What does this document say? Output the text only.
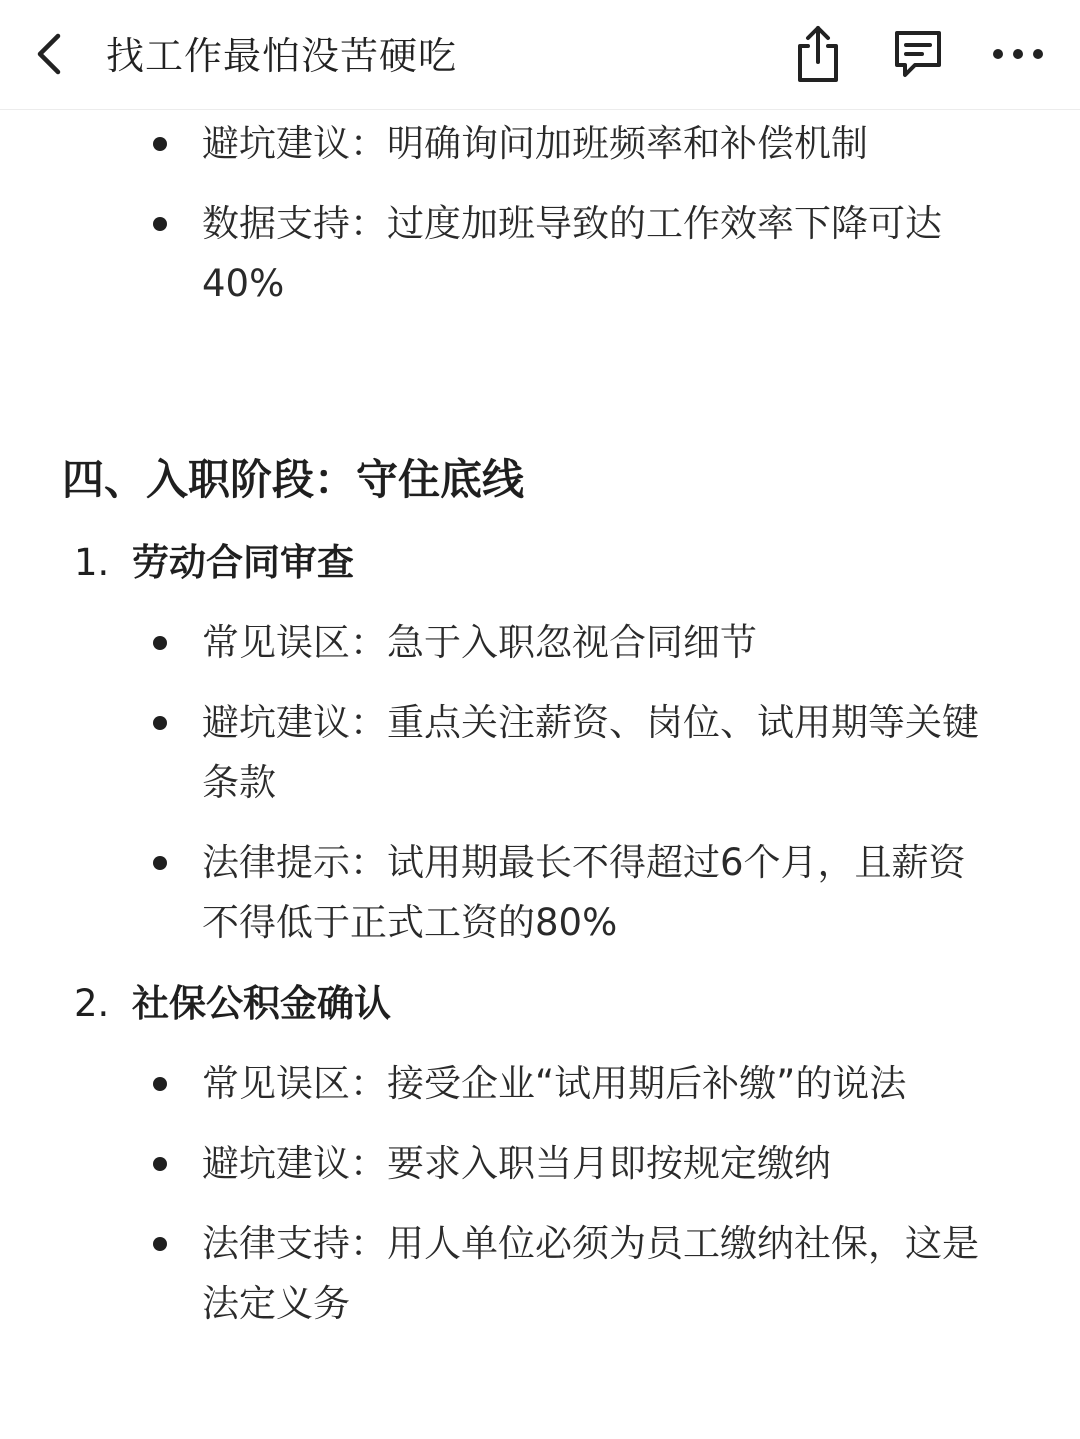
找工作最怕没苦硬吃
避坑建议：明确询问加班频率和补偿机制
数据支持：过度加班导致的工作效率下降可达
40%
四、入职阶段：守住底线
1. 劳动合同审查
常见误区：急于入职忽视合同细节
避坑建议：重点关注薪资、岗位、试用期等关键
条款
法律提示：试用期最长不得超过6个月，且薪资
不得低于正式工资的80%
2. 社保公积金确认
常见误区：接受企业“试用期后补缴”的说法
避坑建议：要求入职当月即按规定缴纳
法律支持：用人单位必须为员工缴纳社保，这是
法定义务
